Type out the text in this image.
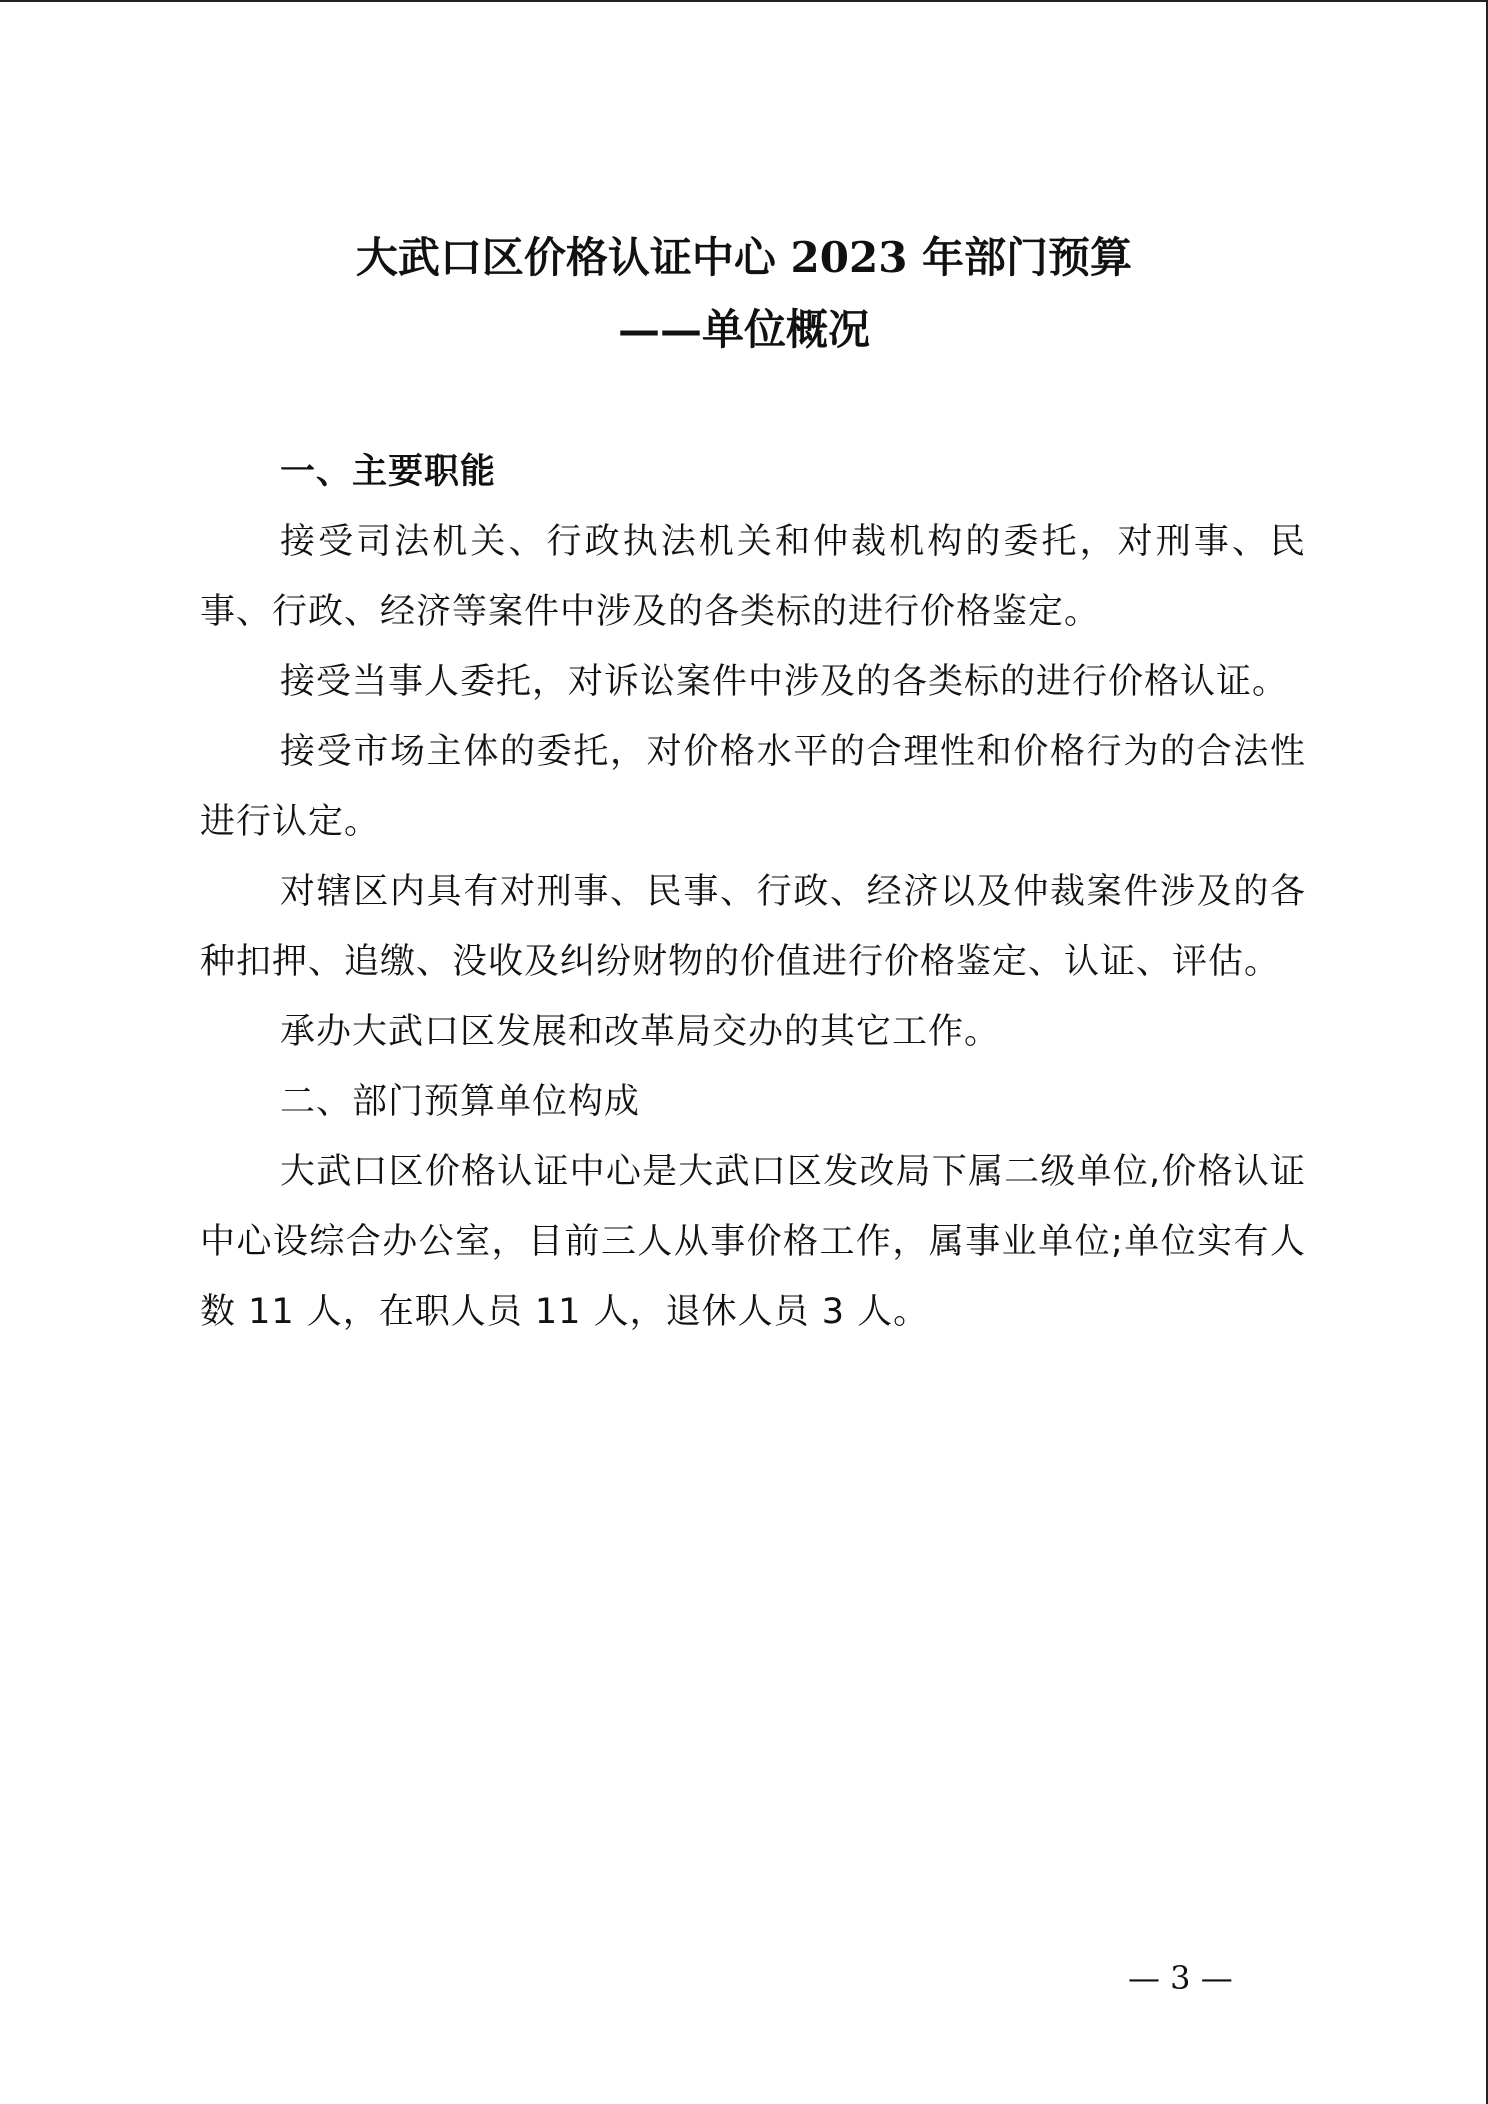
大武口区价格认证中心 2023 年部门预算
——单位概况

一、主要职能

接受司法机关、行政执法机关和仲裁机构的委托，对刑事、民事、行政、经济等案件中涉及的各类标的进行价格鉴定。

接受当事人委托，对诉讼案件中涉及的各类标的进行价格认证。

接受市场主体的委托，对价格水平的合理性和价格行为的合法性进行认定。

对辖区内具有对刑事、民事、行政、经济以及仲裁案件涉及的各种扣押、追缴、没收及纠纷财物的价值进行价格鉴定、认证、评估。

承办大武口区发展和改革局交办的其它工作。

二、部门预算单位构成

大武口区价格认证中心是大武口区发改局下属二级单位,价格认证中心设综合办公室，目前三人从事价格工作，属事业单位;单位实有人数 11 人，在职人员 11 人，退休人员 3 人。

— 3 —
